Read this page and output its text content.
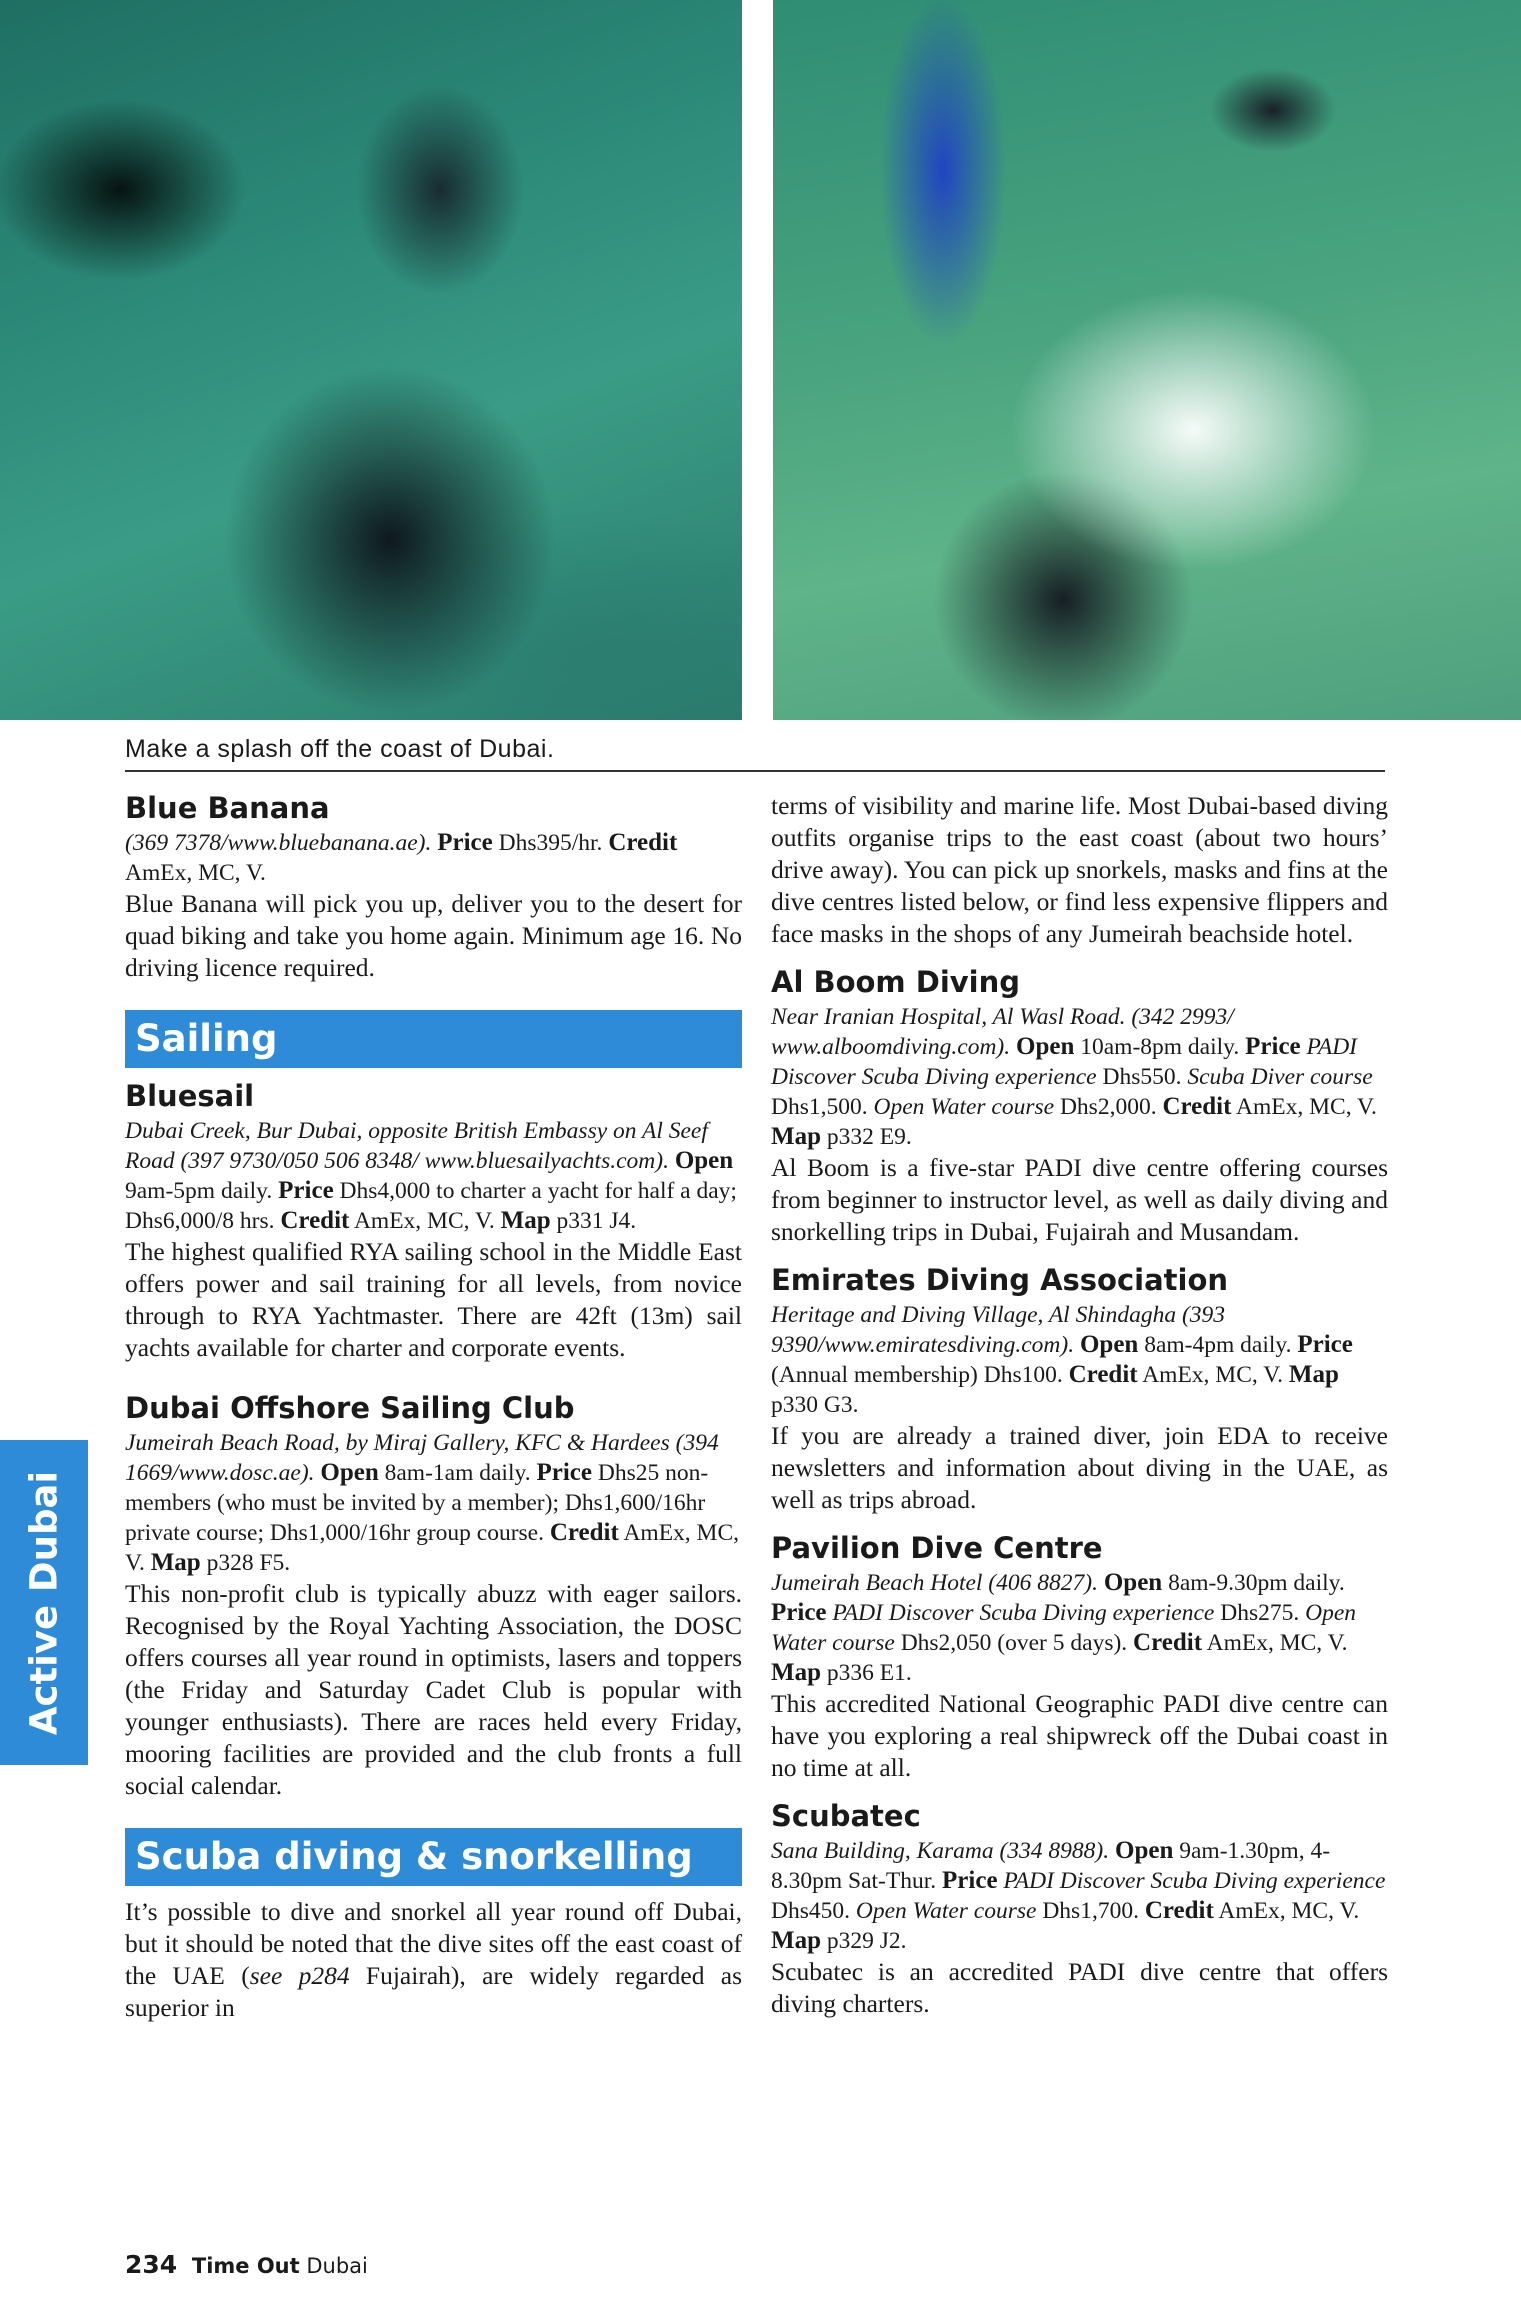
Make a splash off the coast of Dubai.
Blue Banana

(369 7378/www.bluebanana.ae). Price Dhs395/hr. Credit AmEx, MC, V.

Blue Banana will pick you up, deliver you to the desert for quad biking and take you home again. Minimum age 16. No driving licence required.

Sailing
Bluesail

Dubai Creek, Bur Dubai, opposite British Embassy on Al Seef Road (397 9730/050 506 8348/ www.bluesailyachts.com). Open 9am-5pm daily. Price Dhs4,000 to charter a yacht for half a day; Dhs6,000/8 hrs. Credit AmEx, MC, V. Map p331 J4.

The highest qualified RYA sailing school in the Middle East offers power and sail training for all levels, from novice through to RYA Yachtmaster. There are 42ft (13m) sail yachts available for charter and corporate events.

Dubai Offshore Sailing Club

Jumeirah Beach Road, by Miraj Gallery, KFC & Hardees (394 1669/www.dosc.ae). Open 8am-1am daily. Price Dhs25 non-members (who must be invited by a member); Dhs1,600/16hr private course; Dhs1,000/16hr group course. Credit AmEx, MC, V. Map p328 F5.

This non-profit club is typically abuzz with eager sailors. Recognised by the Royal Yachting Association, the DOSC offers courses all year round in optimists, lasers and toppers (the Friday and Saturday Cadet Club is popular with younger enthusiasts). There are races held every Friday, mooring facilities are provided and the club fronts a full social calendar.

Scuba diving & snorkelling

It’s possible to dive and snorkel all year round off Dubai, but it should be noted that the dive sites off the east coast of the UAE (see p284 Fujairah), are widely regarded as superior in

terms of visibility and marine life. Most Dubai-based diving outfits organise trips to the east coast (about two hours’ drive away). You can pick up snorkels, masks and fins at the dive centres listed below, or find less expensive flippers and face masks in the shops of any Jumeirah beachside hotel.

Al Boom Diving

Near Iranian Hospital, Al Wasl Road. (342 2993/ www.alboomdiving.com). Open 10am-8pm daily. Price PADI Discover Scuba Diving experience Dhs550. Scuba Diver course Dhs1,500. Open Water course Dhs2,000. Credit AmEx, MC, V. Map p332 E9.

Al Boom is a five-star PADI dive centre offering courses from beginner to instructor level, as well as daily diving and snorkelling trips in Dubai, Fujairah and Musandam.

Emirates Diving Association

Heritage and Diving Village, Al Shindagha (393 9390/www.emiratesdiving.com). Open 8am-4pm daily. Price (Annual membership) Dhs100. Credit AmEx, MC, V. Map p330 G3.

If you are already a trained diver, join EDA to receive newsletters and information about diving in the UAE, as well as trips abroad.

Pavilion Dive Centre

Jumeirah Beach Hotel (406 8827). Open 8am-9.30pm daily. Price PADI Discover Scuba Diving experience Dhs275. Open Water course Dhs2,050 (over 5 days). Credit AmEx, MC, V. Map p336 E1.

This accredited National Geographic PADI dive centre can have you exploring a real shipwreck off the Dubai coast in no time at all.

Scubatec

Sana Building, Karama (334 8988). Open 9am-1.30pm, 4-8.30pm Sat-Thur. Price PADI Discover Scuba Diving experience Dhs450. Open Water course Dhs1,700. Credit AmEx, MC, V. Map p329 J2.

Scubatec is an accredited PADI dive centre that offers diving charters.

Active Dubai
234 Time Out Dubai
